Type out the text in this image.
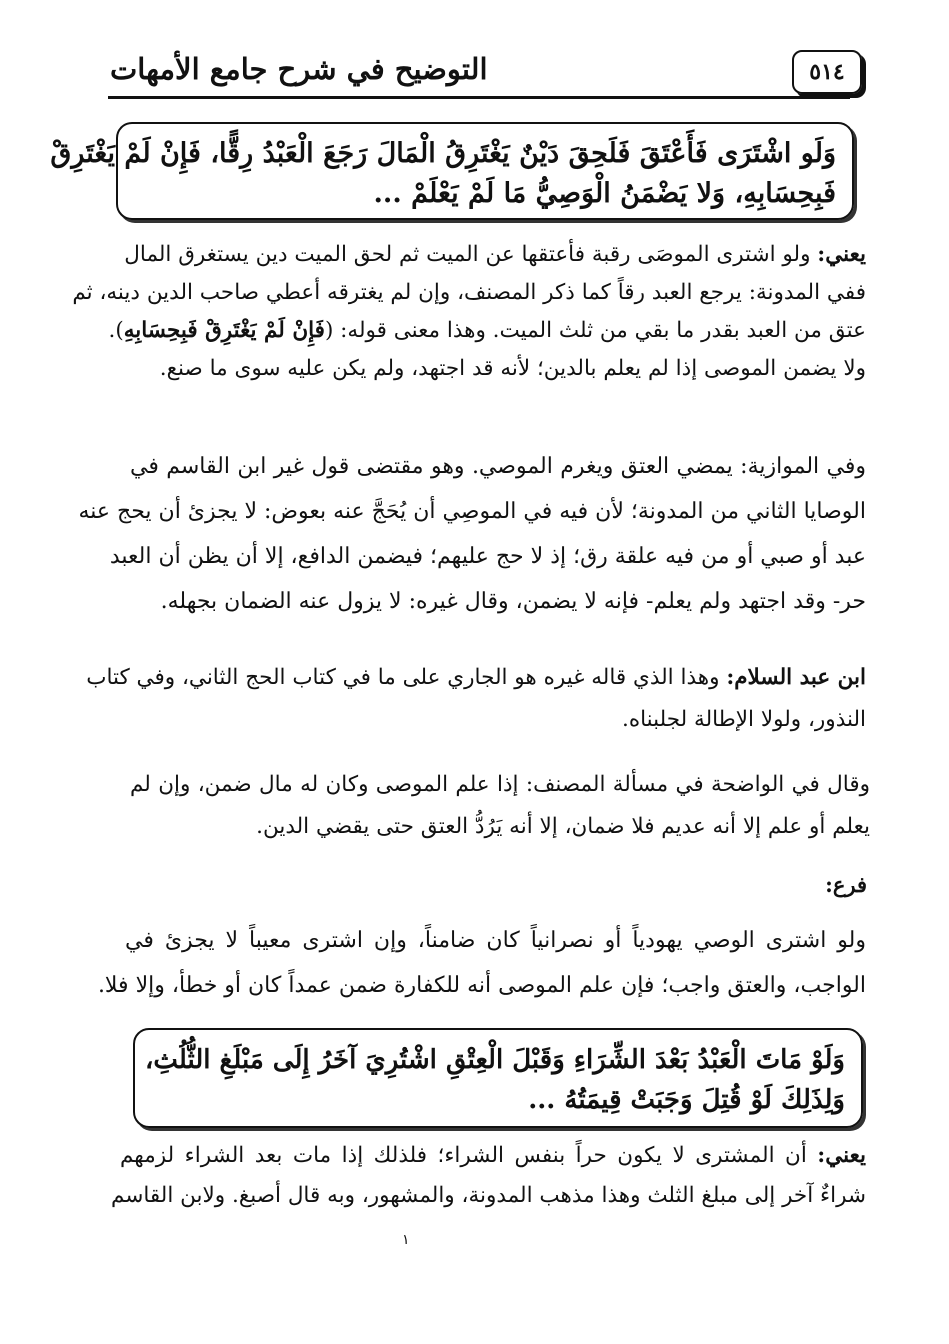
التوضيح في شرح جامع الأمهات	٥١٤
وَلَو اشْتَرَى فَأَعْتَقَ فَلَحِقَ دَيْنٌ يَغْتَرِقُ الْمَالَ رَجَعَ الْعَبْدُ رِقًّا، فَإِنْ لَمْ يَغْتَرِقْ
فَبِحِسَابِهِ، وَلا يَضْمَنُ الْوَصِيُّ مَا لَمْ يَعْلَمْ ...
يعني: ولو اشترى الموصَى رقبة فأعتقها عن الميت ثم لحق الميت دين يستغرق المال
ففي المدونة: يرجع العبد رقاً كما ذكر المصنف، وإن لم يغترقه أعطي صاحب الدين دينه، ثم
عتق من العبد بقدر ما بقي من ثلث الميت. وهذا معنى قوله: (فَإِنْ لَمْ يَغْتَرِقْ فَبِحِسَابِهِ).
ولا يضمن الموصى إذا لم يعلم بالدين؛ لأنه قد اجتهد، ولم يكن عليه سوى ما صنع.
وفي الموازية: يمضي العتق ويغرم الموصي. وهو مقتضى قول غير ابن القاسم في
الوصايا الثاني من المدونة؛ لأن فيه في الموصِي أن يُحَجَّ عنه بعوض: لا يجزئ أن يحج عنه
عبد أو صبي أو من فيه علقة رق؛ إذ لا حج عليهم؛ فيضمن الدافع، إلا أن يظن أن العبد
حر- وقد اجتهد ولم يعلم- فإنه لا يضمن، وقال غيره: لا يزول عنه الضمان بجهله.
ابن عبد السلام: وهذا الذي قاله غيره هو الجاري على ما في كتاب الحج الثاني، وفي كتاب
النذور، ولولا الإطالة لجلبناه.
وقال في الواضحة في مسألة المصنف: إذا علم الموصى وكان له مال ضمن، وإن لم
يعلم أو علم إلا أنه عديم فلا ضمان، إلا أنه يَرُدُّ العتق حتى يقضي الدين.
فرع:
ولو اشترى الوصي يهودياً أو نصرانياً كان ضامناً، وإن اشترى معيباً لا يجزئ في
الواجب، والعتق واجب؛ فإن علم الموصى أنه للكفارة ضمن عمداً كان أو خطأ، وإلا فلا.
وَلَوْ مَاتَ الْعَبْدُ بَعْدَ الشِّرَاءِ وَقَبْلَ الْعِتْقِ اشْتُرِيَ آخَرُ إِلَى مَبْلَغِ الثُّلُثِ،
وَلِذَلِكَ لَوْ قُتِلَ وَجَبَتْ قِيمَتُهُ ...
يعني: أن المشترى لا يكون حراً بنفس الشراء؛ فلذلك إذا مات بعد الشراء لزمهم
شراءٌ آخر إلى مبلغ الثلث وهذا مذهب المدونة، والمشهور، وبه قال أصبغ. ولابن القاسم
١
